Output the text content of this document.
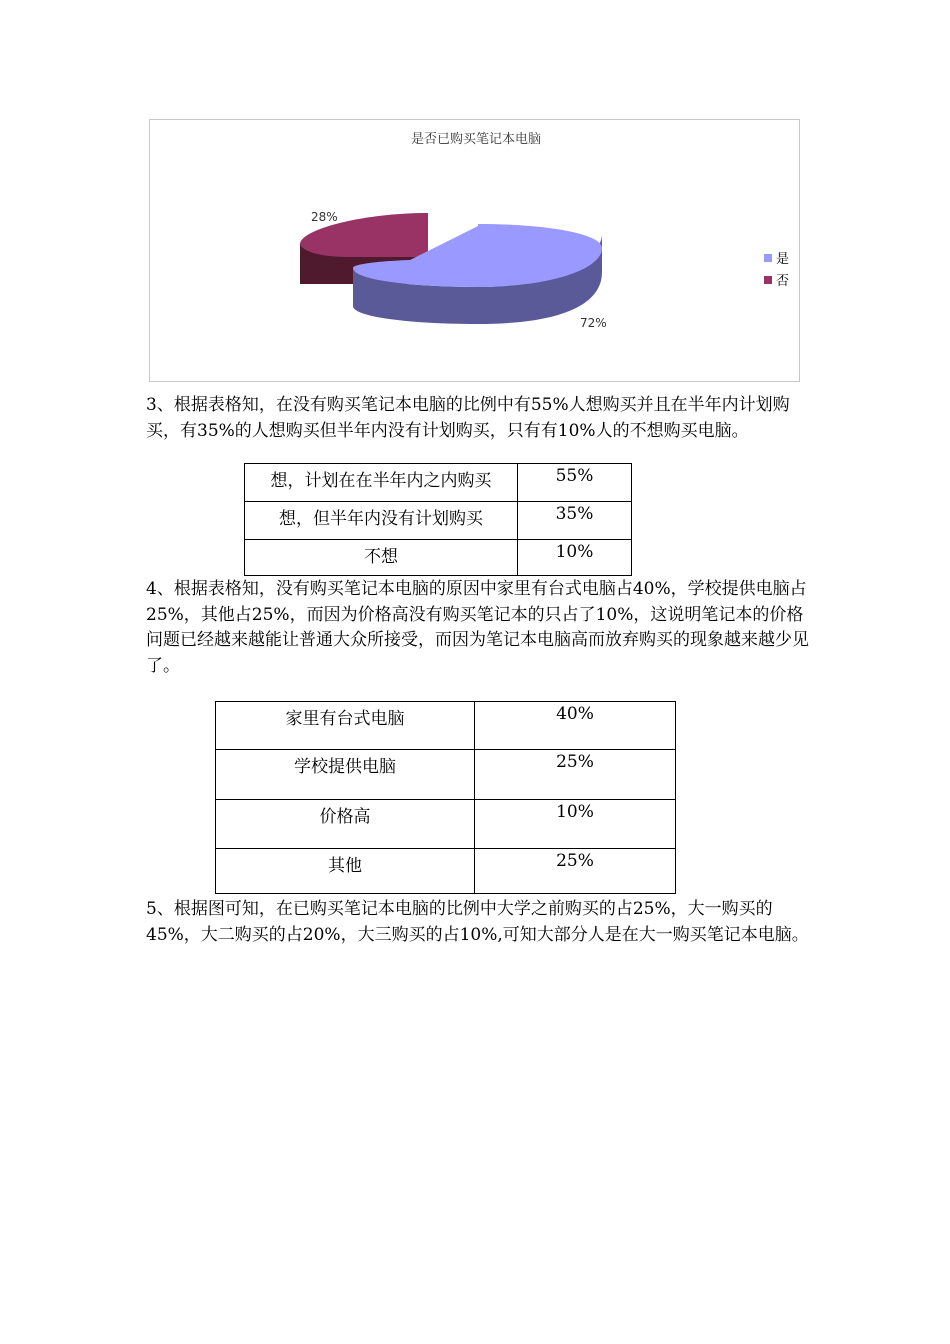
是否已购买笔记本电脑
28%
72%
是
否

3、根据表格知，在没有购买笔记本电脑的比例中有55%人想购买并且在半年内计划购买，有35%的人想购买但半年内没有计划购买，只有有10%人的不想购买电脑。

想，计划在在半年内之内购买	55%
想，但半年内没有计划购买	35%
不想	10%

4、根据表格知，没有购买笔记本电脑的原因中家里有台式电脑占40%，学校提供电脑占25%，其他占25%，而因为价格高没有购买笔记本的只占了10%，这说明笔记本的价格问题已经越来越能让普通大众所接受，而因为笔记本电脑高而放弃购买的现象越来越少见了。

家里有台式电脑	40%
学校提供电脑	25%
价格高	10%
其他	25%

5、根据图可知，在已购买笔记本电脑的比例中大学之前购买的占25%，大一购买的45%，大二购买的占20%，大三购买的占10%,可知大部分人是在大一购买笔记本电脑。
